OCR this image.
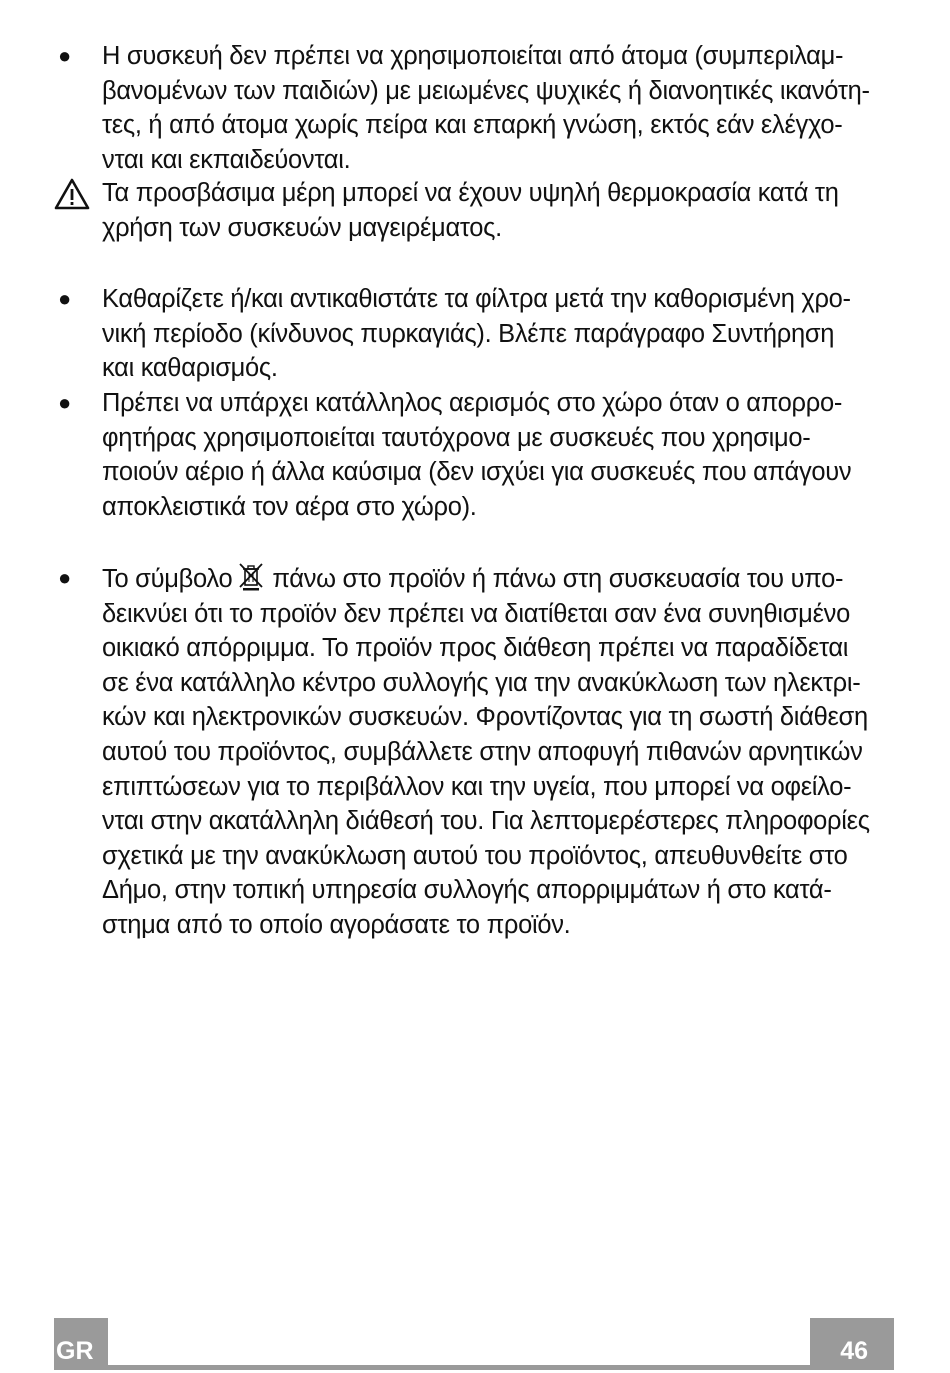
● Η συσκευή δεν πρέπει να χρησιμοποιείται από άτομα (συμπεριλαμ-
βανομένων των παιδιών) με μειωμένες ψυχικές ή διανοητικές ικανότη-
τες, ή από άτομα χωρίς πείρα και επαρκή γνώση, εκτός εάν ελέγχο-
νται και εκπαιδεύονται.
Τα προσβάσιμα μέρη μπορεί να έχουν υψηλή θερμοκρασία κατά τη
χρήση των συσκευών μαγειρέματος.
● Καθαρίζετε ή/και αντικαθιστάτε τα φίλτρα μετά την καθορισμένη χρο-
νική περίοδο (κίνδυνος πυρκαγιάς). Βλέπε παράγραφο Συντήρηση
και καθαρισμός.
● Πρέπει να υπάρχει κατάλληλος αερισμός στο χώρο όταν ο απορρο-
φητήρας χρησιμοποιείται ταυτόχρονα με συσκευές που χρησιμο-
ποιούν αέριο ή άλλα καύσιμα (δεν ισχύει για συσκευές που απάγουν
αποκλειστικά τον αέρα στο χώρο).
● Το σύμβολο πάνω στο προϊόν ή πάνω στη συσκευασία του υπο-
δεικνύει ότι το προϊόν δεν πρέπει να διατίθεται σαν ένα συνηθισμένο
οικιακό απόρριμμα. Το προϊόν προς διάθεση πρέπει να παραδίδεται
σε ένα κατάλληλο κέντρο συλλογής για την ανακύκλωση των ηλεκτρι-
κών και ηλεκτρονικών συσκευών. Φροντίζοντας για τη σωστή διάθεση
αυτού του προϊόντος, συμβάλλετε στην αποφυγή πιθανών αρνητικών
επιπτώσεων για το περιβάλλον και την υγεία, που μπορεί να οφείλο-
νται στην ακατάλληλη διάθεσή του. Για λεπτομερέστερες πληροφορίες
σχετικά με την ανακύκλωση αυτού του προϊόντος, απευθυνθείτε στο
Δήμο, στην τοπική υπηρεσία συλλογής απορριμμάτων ή στο κατά-
στημα από το οποίο αγοράσατε το προϊόν.
GR	46
